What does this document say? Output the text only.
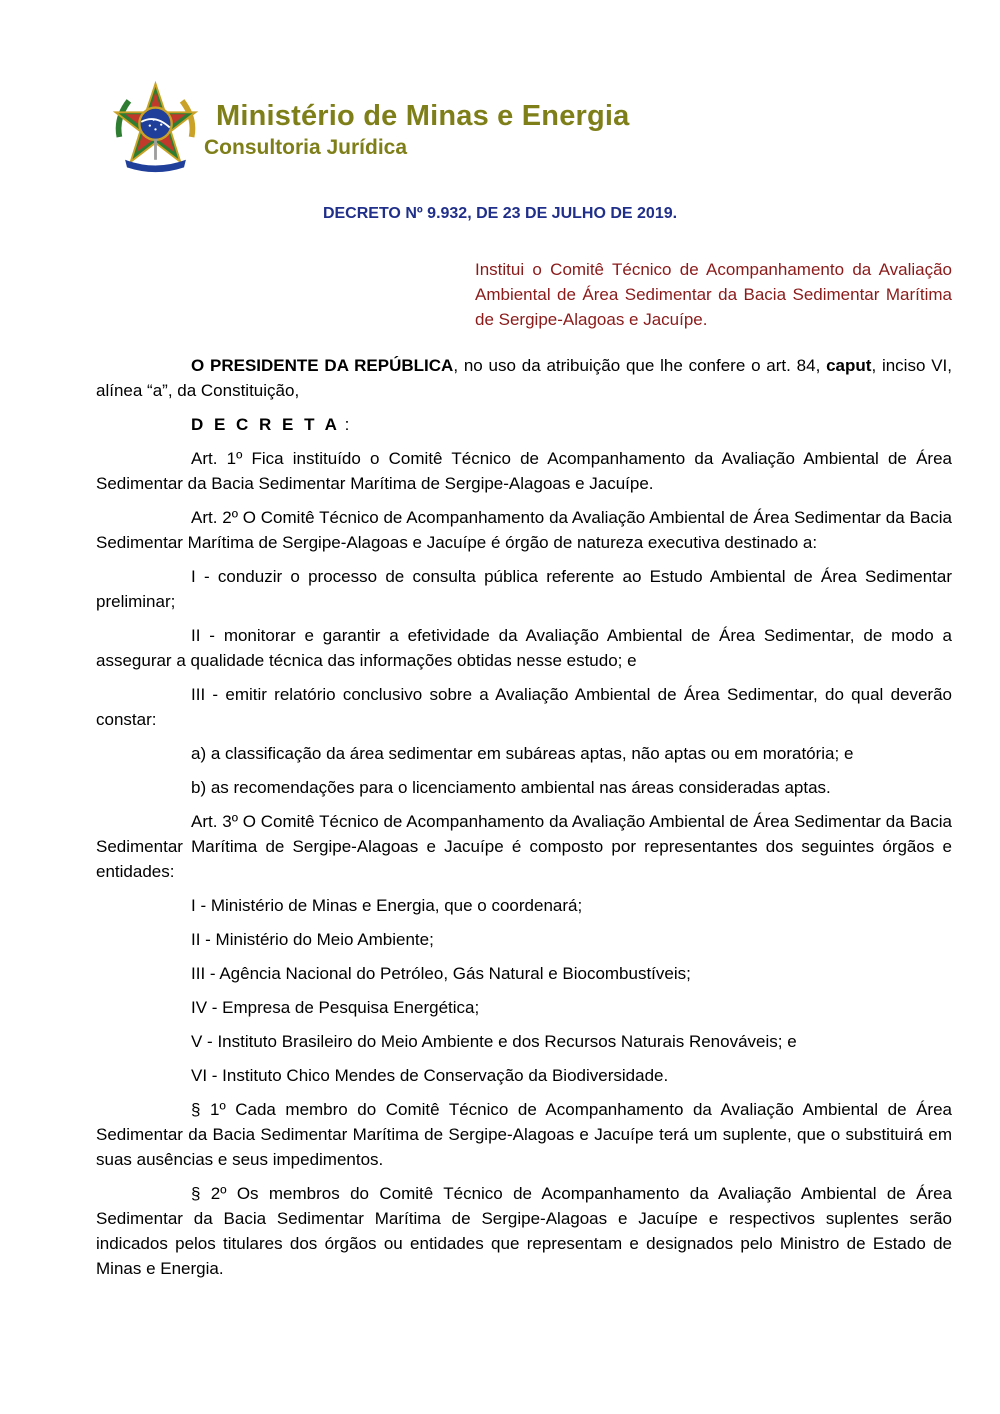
Ministério de Minas e Energia
Consultoria Jurídica
DECRETO Nº 9.932, DE 23 DE JULHO DE 2019.
Institui o Comitê Técnico de Acompanhamento da Avaliação Ambiental de Área Sedimentar da Bacia Sedimentar Marítima de Sergipe-Alagoas e Jacuípe.

O PRESIDENTE DA REPÚBLICA, no uso da atribuição que lhe confere o art. 84, caput, inciso VI, alínea “a”, da Constituição,

D E C R E T A :

Art. 1º Fica instituído o Comitê Técnico de Acompanhamento da Avaliação Ambiental de Área Sedimentar da Bacia Sedimentar Marítima de Sergipe-Alagoas e Jacuípe.

Art. 2º O Comitê Técnico de Acompanhamento da Avaliação Ambiental de Área Sedimentar da Bacia Sedimentar Marítima de Sergipe-Alagoas e Jacuípe é órgão de natureza executiva destinado a:

I - conduzir o processo de consulta pública referente ao Estudo Ambiental de Área Sedimentar preliminar;

II - monitorar e garantir a efetividade da Avaliação Ambiental de Área Sedimentar, de modo a assegurar a qualidade técnica das informações obtidas nesse estudo; e

III - emitir relatório conclusivo sobre a Avaliação Ambiental de Área Sedimentar, do qual deverão constar:

a) a classificação da área sedimentar em subáreas aptas, não aptas ou em moratória; e

b) as recomendações para o licenciamento ambiental nas áreas consideradas aptas.

Art. 3º O Comitê Técnico de Acompanhamento da Avaliação Ambiental de Área Sedimentar da Bacia Sedimentar Marítima de Sergipe-Alagoas e Jacuípe é composto por representantes dos seguintes órgãos e entidades:

I - Ministério de Minas e Energia, que o coordenará;

II - Ministério do Meio Ambiente;

III - Agência Nacional do Petróleo, Gás Natural e Biocombustíveis;

IV - Empresa de Pesquisa Energética;

V - Instituto Brasileiro do Meio Ambiente e dos Recursos Naturais Renováveis; e

VI - Instituto Chico Mendes de Conservação da Biodiversidade.

§ 1º Cada membro do Comitê Técnico de Acompanhamento da Avaliação Ambiental de Área Sedimentar da Bacia Sedimentar Marítima de Sergipe-Alagoas e Jacuípe terá um suplente, que o substituirá em suas ausências e seus impedimentos.

§ 2º Os membros do Comitê Técnico de Acompanhamento da Avaliação Ambiental de Área Sedimentar da Bacia Sedimentar Marítima de Sergipe-Alagoas e Jacuípe e respectivos suplentes serão indicados pelos titulares dos órgãos ou entidades que representam e designados pelo Ministro de Estado de Minas e Energia.
